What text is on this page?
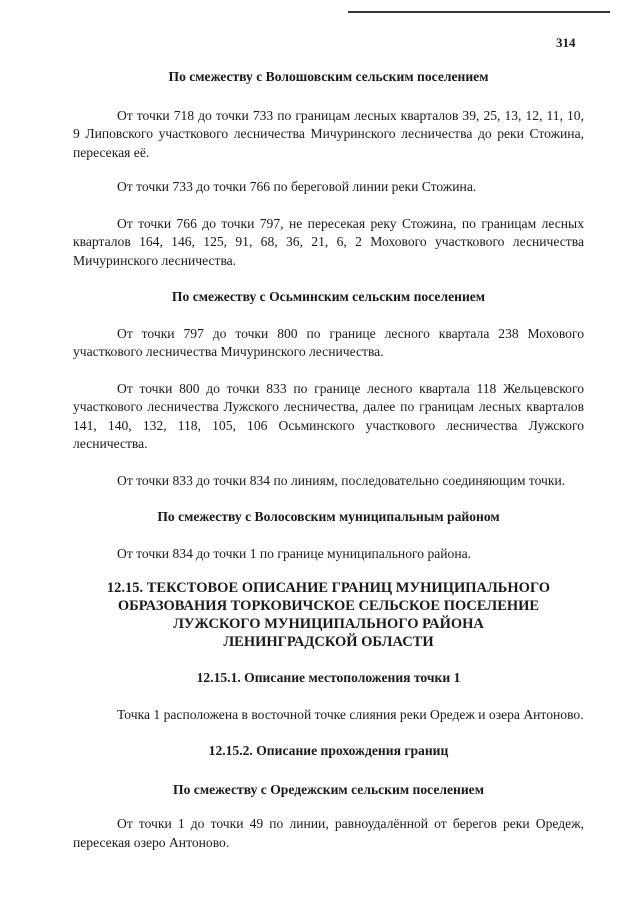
314

По смежеству с Волошовским сельским поселением

От точки 718 до точки 733 по границам лесных кварталов 39, 25, 13, 12, 11, 10, 9 Липовского участкового лесничества Мичуринского лесничества до реки Стожина, пересекая её.

От точки 733 до точки 766 по береговой линии реки Стожина.

От точки 766 до точки 797, не пересекая реку Стожина, по границам лесных кварталов 164, 146, 125, 91, 68, 36, 21, 6, 2 Мохового участкового лесничества Мичуринского лесничества.

По смежеству с Осьминским сельским поселением

От точки 797 до точки 800 по границе лесного квартала 238 Мохового участкового лесничества Мичуринского лесничества.

От точки 800 до точки 833 по границе лесного квартала 118 Жельцевского участкового лесничества Лужского лесничества, далее по границам лесных кварталов 141, 140, 132, 118, 105, 106 Осьминского участкового лесничества Лужского лесничества.

От точки 833 до точки 834 по линиям, последовательно соединяющим точки.

По смежеству с Волосовским муниципальным районом

От точки 834 до точки 1 по границе муниципального района.

12.15. ТЕКСТОВОЕ ОПИСАНИЕ ГРАНИЦ МУНИЦИПАЛЬНОГО

ОБРАЗОВАНИЯ ТОРКОВИЧСКОЕ СЕЛЬСКОЕ ПОСЕЛЕНИЕ

ЛУЖСКОГО МУНИЦИПАЛЬНОГО РАЙОНА

ЛЕНИНГРАДСКОЙ ОБЛАСТИ

12.15.1. Описание местоположения точки 1

Точка 1 расположена в восточной точке слияния реки Оредеж и озера Антоново.

12.15.2. Описание прохождения границ

По смежеству с Оредежским сельским поселением

От точки 1 до точки 49 по линии, равноудалённой от берегов реки Оредеж, пересекая озеро Антоново.
